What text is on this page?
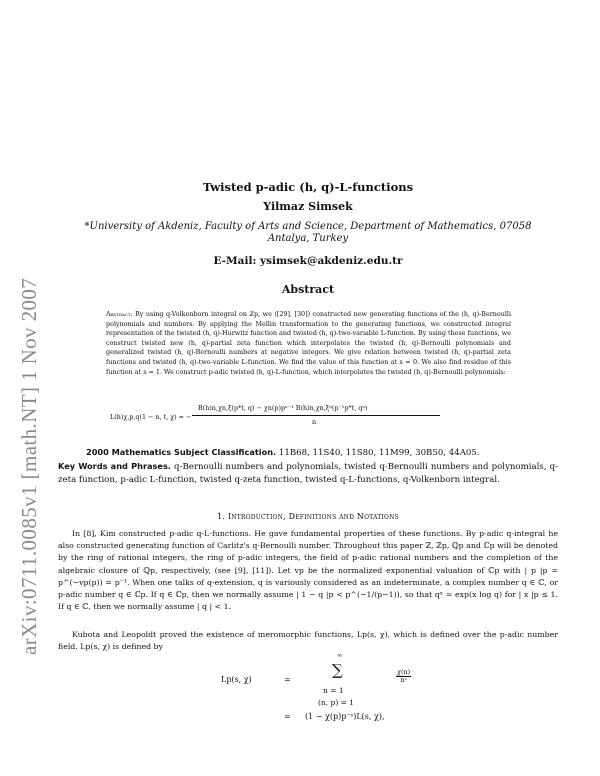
arXiv:0711.0085v1 [math.NT] 1 Nov 2007
Twisted p-adic (h, q)-L-functions
Yilmaz Simsek
*University of Akdeniz, Faculty of Arts and Science, Department of Mathematics, 07058 Antalya, Turkey
E-Mail: ysimsek@akdeniz.edu.tr
Abstract
Abstract. By using q-Volkenborn integral on ℤp, we ([29], [30]) constructed new generating functions of the (h, q)-Bernoulli polynomials and numbers. By applying the Mellin transformation to the generating functions, we constructed integral representation of the twisted (h, q)-Hurwitz function and twisted (h, q)-two-variable L-function. By using these functions, we construct twisted new (h, q)-partial zeta function which interpolates the twisted (h, q)-Bernoulli polynomials and generalized twisted (h, q)-Bernoulli numbers at negative integers. We give relation between twisted (h, q)-partial zeta functions and twisted (h, q)-two-variable L-function. We find the value of this function at s = 0. We also find residue of this function at s = 1. We construct p-adic twisted (h, q)-L-function, which interpolates the twisted (h, q)-Bernoulli polynomials:
L(h)χ,p,q(1 − n, t, χ) = −
B(h)n,χn,ξ(p*t, q) − χn(p)pⁿ⁻¹ B(h)n,χn,ξᵖ(p⁻¹p*t, qᵖ)
n
2000 Mathematics Subject Classification. 11B68, 11S40, 11S80, 11M99, 30B50, 44A05.
Key Words and Phrases. q-Bernoulli numbers and polynomials, twisted q-Bernoulli numbers and polynomials, q- zeta function, p-adic L-function, twisted q-zeta function, twisted q-L-functions, q-Volkenborn integral.
1. Introduction, Definitions and Notations
In [8], Kim constructed p-adic q-L-functions. He gave fundamental properties of these functions. By p-adic q-integral he also constructed generating function of Carlitz's q-Bernoulli number. Throughout this paper ℤ, ℤp, ℚp and ℂp will be denoted by the ring of rational integers, the ring of p-adic integers, the field of p-adic rational numbers and the completion of the algebraic closure of ℚp, respectively, (see [9], [11]). Let vp be the normalized exponential valuation of ℂp with | p |p = p^(−vp(p)) = p⁻¹. When one talks of q-extension, q is variously considered as an indeterminate, a complex number q ∈ ℂ, or p-adic number q ∈ ℂp. If q ∈ ℂp, then we normally assume | 1 − q |p < p^(−1/(p−1)), so that qˣ = exp(x log q) for | x |p ≤ 1. If q ∈ ℂ, then we normally assume | q | < 1.
Kubota and Leopoldt proved the existence of meromorphic functions, Lp(s, χ), which is defined over the p-adic number field. Lp(s, χ) is defined by
Lp(s, χ)	=
∞
∑
n = 1
(n, p) = 1
$\frac{\chi(n)}{\text{nˢ}}$
= (1 − χ(p)p⁻ˢ)L(s, χ),
